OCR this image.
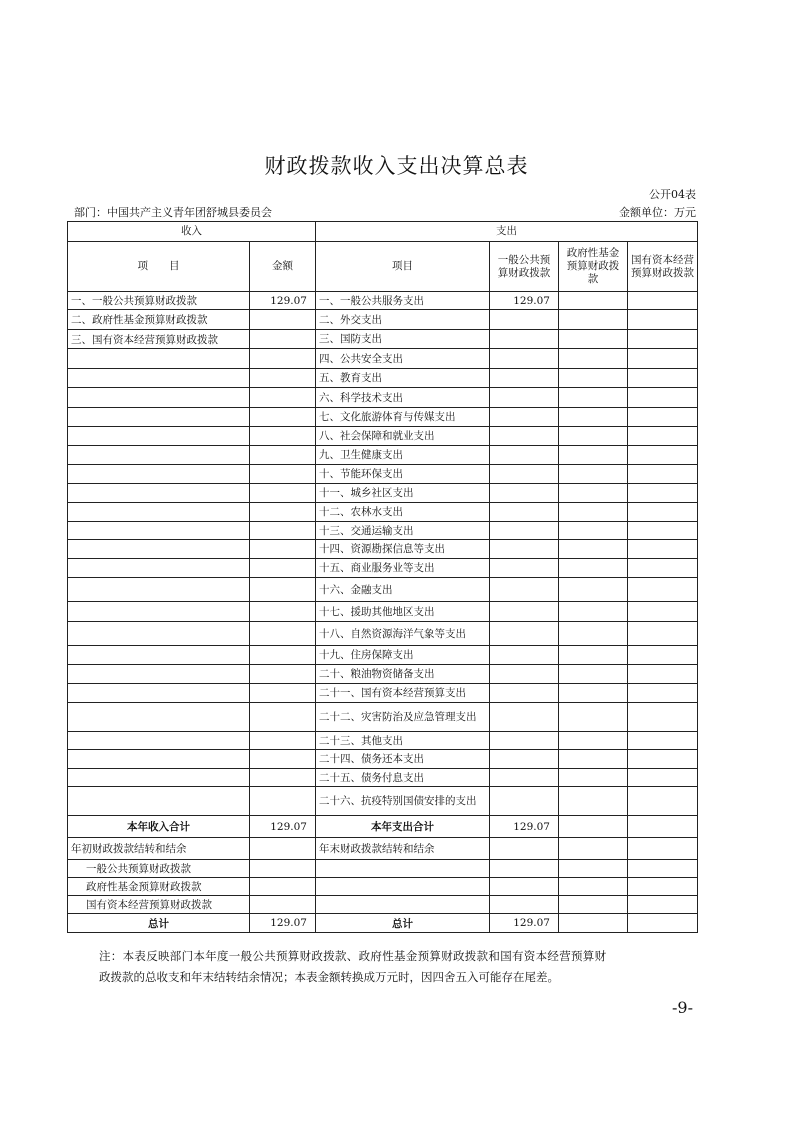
财政拨款收入支出决算总表
公开04表
部门：中国共产主义青年团舒城县委员会	金额单位：万元
收入		支出			
项　　目	金额	项目	一般公共预算财政拨款	政府性基金预算财政拨款	国有资本经营预算财政拨款
一、一般公共预算财政拨款	129.07	一、一般公共服务支出	129.07		
二、政府性基金预算财政拨款		二、外交支出			
三、国有资本经营预算财政拨款		三、国防支出			
		四、公共安全支出			
		五、教育支出			
		六、科学技术支出			
		七、文化旅游体育与传媒支出			
		八、社会保障和就业支出			
		九、卫生健康支出			
		十、节能环保支出			
		十一、城乡社区支出			
		十二、农林水支出			
		十三、交通运输支出			
		十四、资源勘探信息等支出			
		十五、商业服务业等支出			
		十六、金融支出			
		十七、援助其他地区支出			
		十八、自然资源海洋气象等支出			
		十九、住房保障支出			
		二十、粮油物资储备支出			
		二十一、国有资本经营预算支出			
		二十二、灾害防治及应急管理支出			
		二十三、其他支出			
		二十四、债务还本支出			
		二十五、债务付息支出			
		二十六、抗疫特别国债安排的支出			
本年收入合计	129.07	本年支出合计	129.07		
年初财政拨款结转和结余		年末财政拨款结转和结余			
一般公共预算财政拨款					
政府性基金预算财政拨款					
国有资本经营预算财政拨款					
总计	129.07	总计	129.07		
注：本表反映部门本年度一般公共预算财政拨款、政府性基金预算财政拨款和国有资本经营预算财
政拨款的总收支和年末结转结余情况；本表金额转换成万元时，因四舍五入可能存在尾差。
-9-
